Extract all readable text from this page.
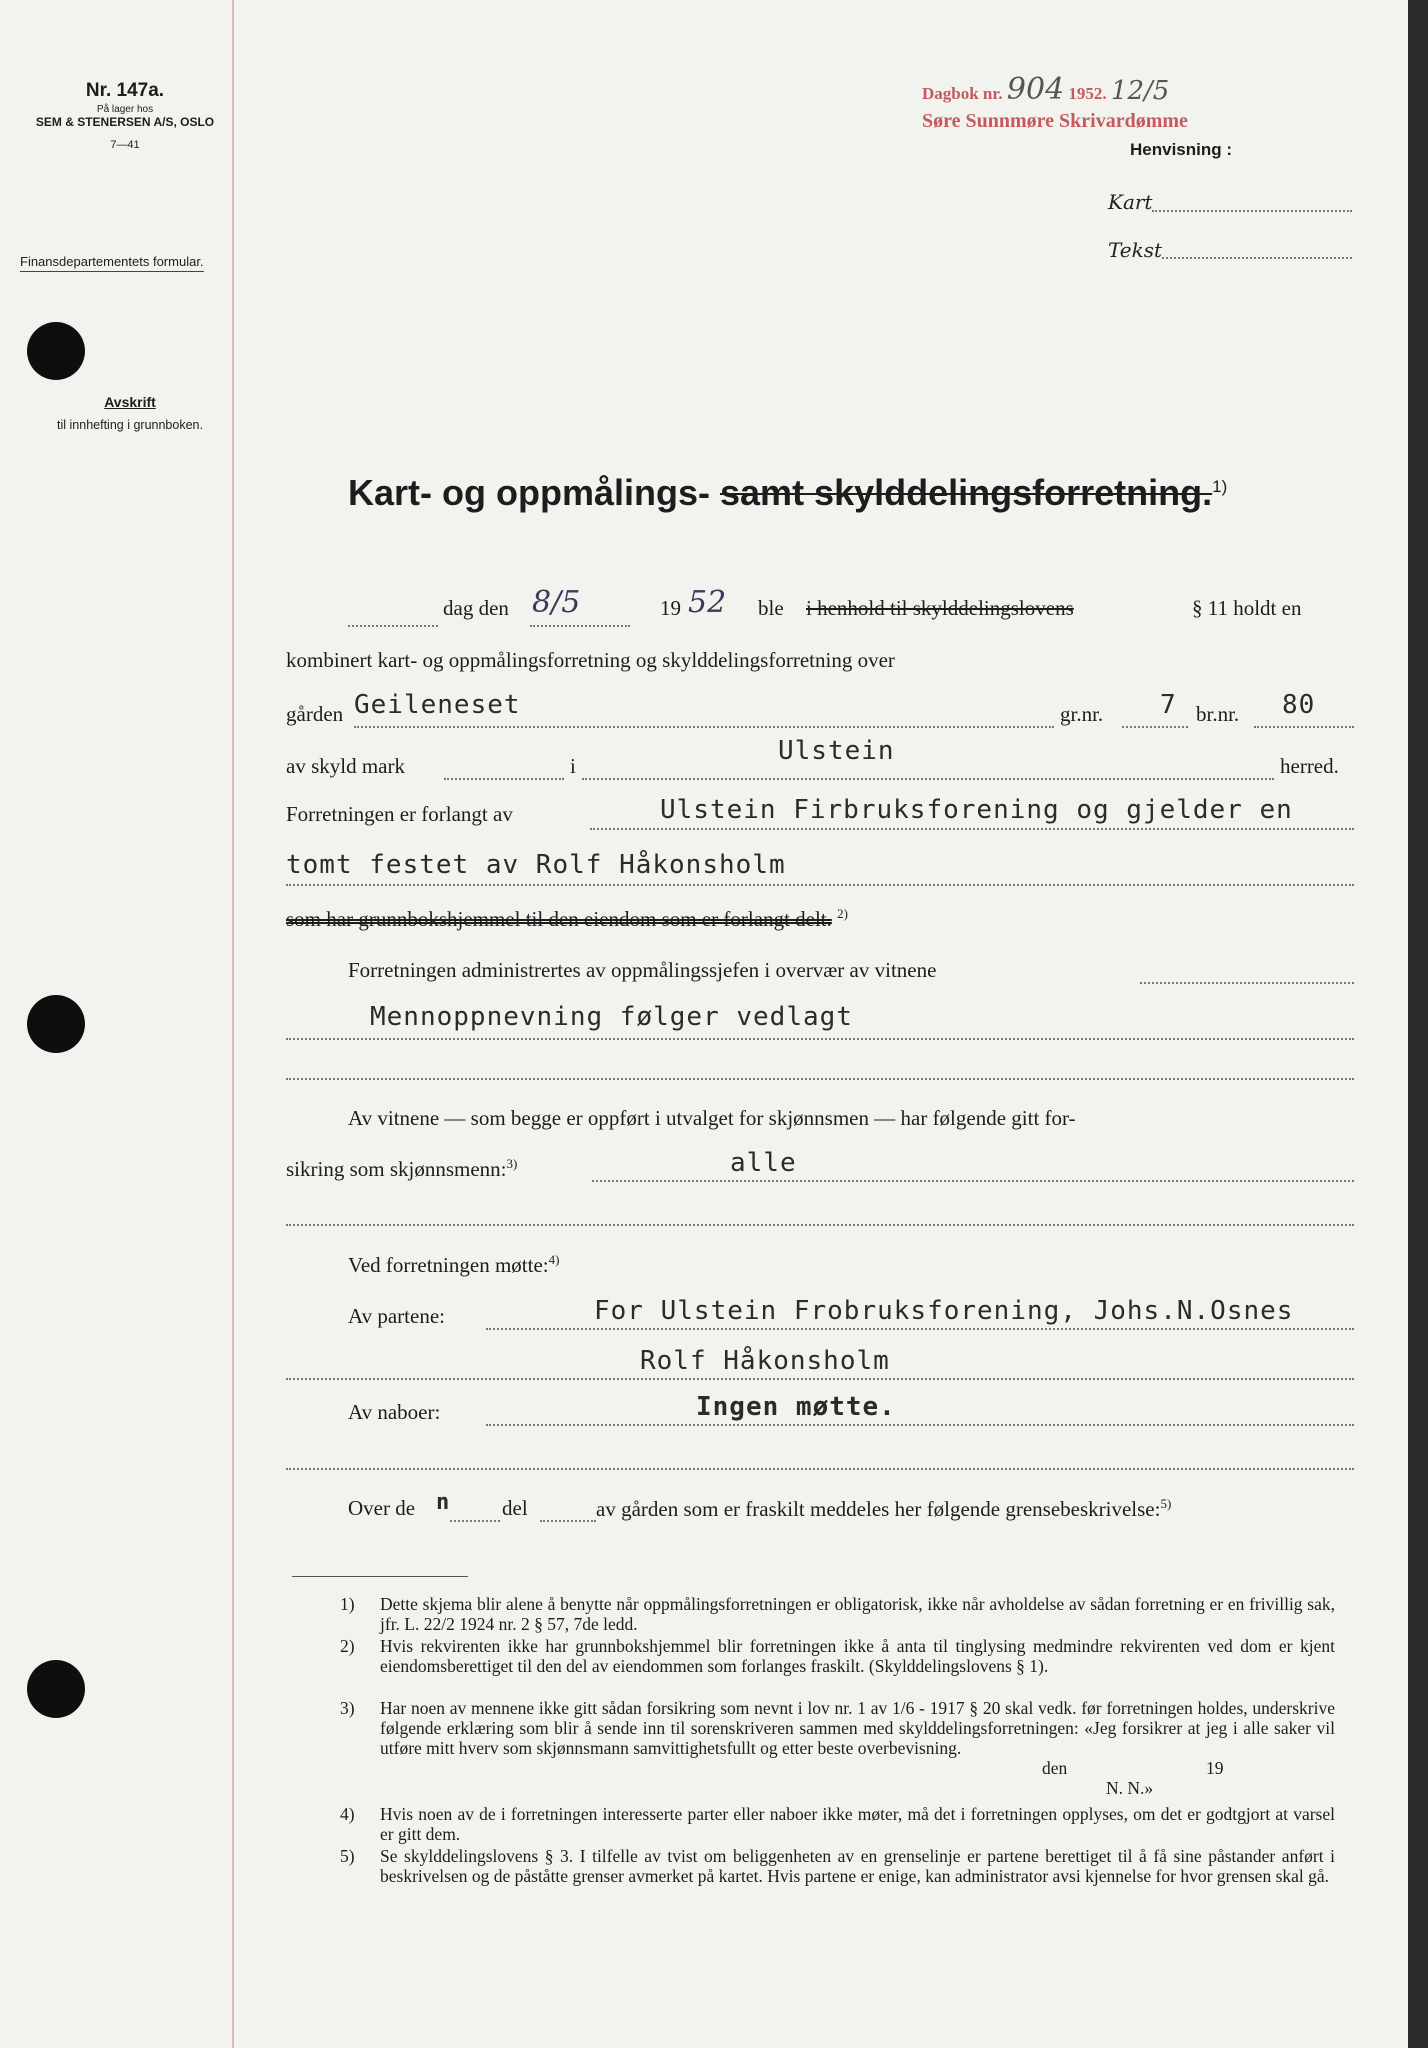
Nr. 147a.
På lager hos
SEM & STENERSEN A/S, OSLO
7—41
Finansdepartementets formular.
Avskrift
til innhefting i grunnboken.
Dagbok nr. 904 1952. 12/5
Søre Sunnmøre Skrivardømme
Henvisning :
Kart
Tekst
Kart- og oppmålings- samt skylddelingsforretning.$^{1)}$
dag den 8/5	19 52 ble i henhold til skylddelingslovens	§ 11 holdt en
kombinert kart- og oppmålingsforretning og skylddelingsforretning over
gården Geileneset	gr.nr. 7 br.nr. 80
av skyld mark	i	Ulstein	herred.
Forretningen er forlangt av	Ulstein Firbruksforening og gjelder en
tomt festet av Rolf Håkonsholm
som har grunnbokshjemmel til den eiendom som er forlangt delt. $^{2)}$
Forretningen administrertes av oppmålingssjefen i overvær av vitnene
Mennoppnevning følger vedlagt
Av vitnene — som begge er oppført i utvalget for skjønnsmen — har følgende gitt for-
sikring som skjønnsmenn:$^{3)}$	alle
Ved forretningen møtte:$^{4)}$
Av partene:	For Ulstein Frobruksforening, Johs.N.Osnes
Rolf Håkonsholm
Av naboer:	Ingen møtte.
Over de n del	av gården som er fraskilt meddeles her følgende grensebeskrivelse:$^{5)}$
1)	Dette skjema blir alene å benytte når oppmålingsforretningen er obligatorisk, ikke når avholdelse av sådan forretning er en frivillig sak, jfr. L. 22/2 1924 nr. 2 § 57, 7de ledd.
2)	Hvis rekvirenten ikke har grunnbokshjemmel blir forretningen ikke å anta til tinglysing medmindre rekvirenten ved dom er kjent eiendomsberettiget til den del av eiendommen som forlanges fraskilt. (Skylddelingslovens § 1).
3)	Har noen av mennene ikke gitt sådan forsikring som nevnt i lov nr. 1 av 1/6 - 1917 § 20 skal vedk. før forretningen holdes, underskrive følgende erklæring som blir å sende inn til sorenskriveren sammen med skylddelingsforretningen: «Jeg forsikrer at jeg i alle saker vil utføre mitt hverv som skjønnsmann samvittighetsfullt og etter beste overbevisning.
den	19
N. N.»
4)	Hvis noen av de i forretningen interesserte parter eller naboer ikke møter, må det i forretningen opplyses, om det er godtgjort at varsel er gitt dem.
5)	Se skylddelingslovens § 3. I tilfelle av tvist om beliggenheten av en grenselinje er partene berettiget til å få sine påstander anført i beskrivelsen og de påståtte grenser avmerket på kartet. Hvis partene er enige, kan administrator avsi kjennelse for hvor grensen skal gå.
